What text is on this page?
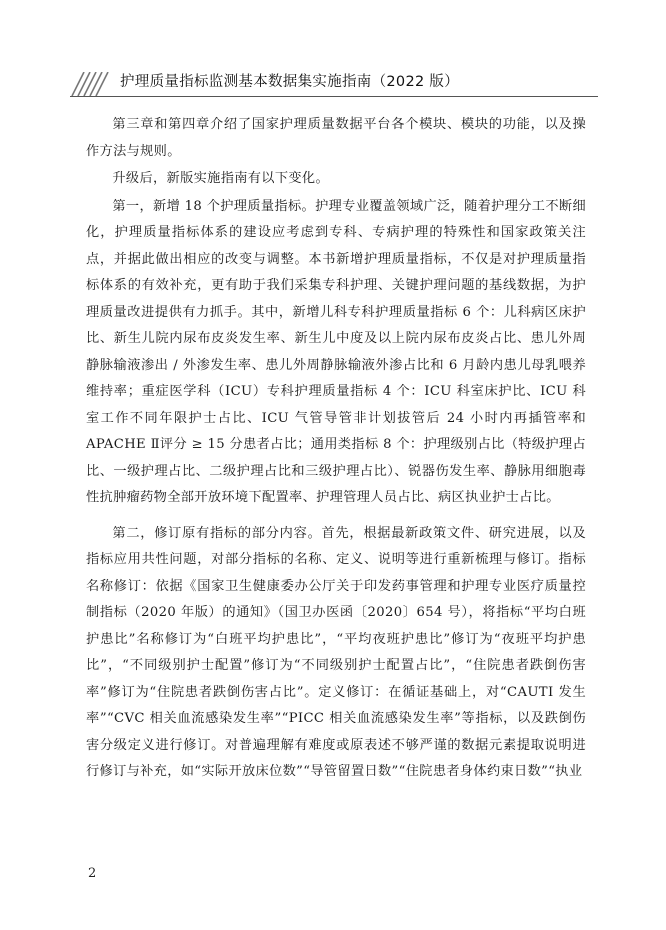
护理质量指标监测基本数据集实施指南（2022 版）

第三章和第四章介绍了国家护理质量数据平台各个模块、模块的功能，以及操作方法与规则。

升级后，新版实施指南有以下变化。

第一，新增 18 个护理质量指标。护理专业覆盖领域广泛，随着护理分工不断细化，护理质量指标体系的建设应考虑到专科、专病护理的特殊性和国家政策关注点，并据此做出相应的改变与调整。本书新增护理质量指标，不仅是对护理质量指标体系的有效补充，更有助于我们采集专科护理、关键护理问题的基线数据，为护理质量改进提供有力抓手。其中，新增儿科专科护理质量指标 6 个：儿科病区床护比、新生儿院内尿布皮炎发生率、新生儿中度及以上院内尿布皮炎占比、患儿外周静脉输液渗出 / 外渗发生率、患儿外周静脉输液外渗占比和 6 月龄内患儿母乳喂养维持率；重症医学科（ICU）专科护理质量指标 4 个：ICU 科室床护比、ICU 科室工作不同年限护士占比、ICU 气管导管非计划拔管后 24 小时内再插管率和 APACHE Ⅱ评分 ≥ 15 分患者占比；通用类指标 8 个：护理级别占比（特级护理占比、一级护理占比、二级护理占比和三级护理占比）、锐器伤发生率、静脉用细胞毒性抗肿瘤药物全部开放环境下配置率、护理管理人员占比、病区执业护士占比。

第二，修订原有指标的部分内容。首先，根据最新政策文件、研究进展，以及指标应用共性问题，对部分指标的名称、定义、说明等进行重新梳理与修订。指标名称修订：依据《国家卫生健康委办公厅关于印发药事管理和护理专业医疗质量控制指标（2020 年版）的通知》（国卫办医函〔2020〕654 号），将指标“平均白班护患比”名称修订为“白班平均护患比”，“平均夜班护患比”修订为“夜班平均护患比”，“不同级别护士配置”修订为“不同级别护士配置占比”，“住院患者跌倒伤害率”修订为“住院患者跌倒伤害占比”。定义修订：在循证基础上，对“CAUTI 发生率”“CVC 相关血流感染发生率”“PICC 相关血流感染发生率”等指标，以及跌倒伤害分级定义进行修订。对普遍理解有难度或原表述不够严谨的数据元素提取说明进行修订与补充，如“实际开放床位数”“导管留置日数”“住院患者身体约束日数”“执业

2
